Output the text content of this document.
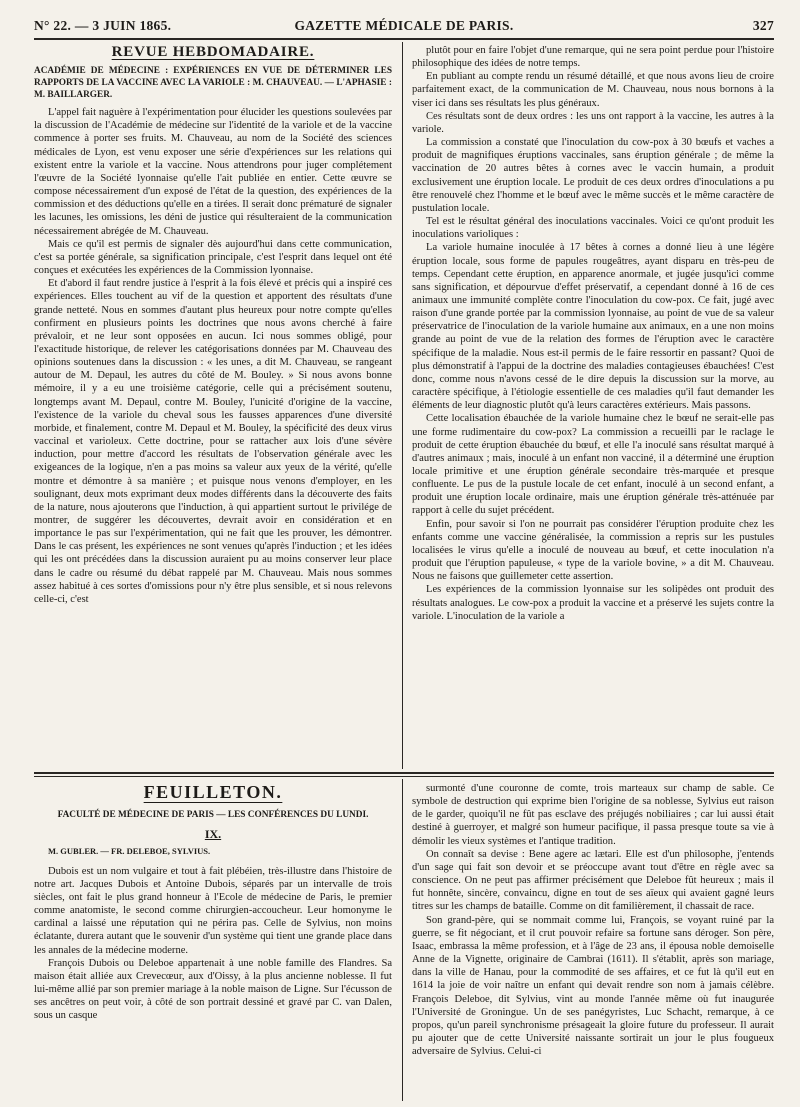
N° 22. — 3 JUIN 1865.	GAZETTE MÉDICALE DE PARIS.	327
REVUE HEBDOMADAIRE.
ACADÉMIE DE MÉDECINE : EXPÉRIENCES EN VUE DE DÉTERMINER LES RAPPORTS DE LA VACCINE AVEC LA VARIOLE : M. CHAUVEAU. — L'APHASIE : M. BAILLARGER.

L'appel fait naguère à l'expérimentation pour élucider les questions soulevées par la discussion de l'Académie de médecine sur l'identité de la variole et de la vaccine commence à porter ses fruits. M. Chauveau, au nom de la Société des sciences médicales de Lyon, est venu exposer une série d'expériences sur les relations qui existent entre la variole et la vaccine. Nous attendrons pour juger complétement l'œuvre de la Société lyonnaise qu'elle l'ait publiée en entier. Cette œuvre se compose nécessairement d'un exposé de l'état de la question, des expériences de la commission et des déductions qu'elle en a tirées. Il serait donc prématuré de signaler les lacunes, les omissions, les déni de justice qui résulteraient de la communication nécessairement abrégée de M. Chauveau.

Mais ce qu'il est permis de signaler dès aujourd'hui dans cette communication, c'est sa portée générale, sa signification principale, c'est l'esprit dans lequel ont été conçues et exécutées les expériences de la Commission lyonnaise.

Et d'abord il faut rendre justice à l'esprit à la fois élevé et précis qui a inspiré ces expériences. Elles touchent au vif de la question et apportent des résultats d'une grande netteté. Nous en sommes d'autant plus heureux pour notre compte qu'elles confirment en plusieurs points les doctrines que nous avons cherché à faire prévaloir, et ne leur sont opposées en aucun. Ici nous sommes obligé, pour l'exactitude historique, de relever les catégorisations données par M. Chauveau des opinions soutenues dans la discussion : « les unes, a dit M. Chauveau, se rangeant autour de M. Depaul, les autres du côté de M. Bouley. » Si nous avons bonne mémoire, il y a eu une troisième catégorie, celle qui a précisément soutenu, longtemps avant M. Depaul, contre M. Bouley, l'unicité d'origine de la vaccine, l'existence de la variole du cheval sous les fausses apparences d'une diversité morbide, et finalement, contre M. Depaul et M. Bouley, la spécificité des deux virus vaccinal et varioleux. Cette doctrine, pour se rattacher aux lois d'une sévère induction, pour mettre d'accord les résultats de l'observation générale avec les exigeances de la logique, n'en a pas moins sa valeur aux yeux de la vérité, qu'elle montre et démontre à sa manière ; et puisque nous venons d'employer, en les soulignant, deux mots exprimant deux modes différents dans la découverte des faits de la nature, nous ajouterons que l'induction, à qui appartient surtout le privilége de montrer, de suggérer les découvertes, devrait avoir en considération et en importance le pas sur l'expérimentation, qui ne fait que les prouver, les démontrer. Dans le cas présent, les expériences ne sont venues qu'après l'induction ; et les idées qui les ont précédées dans la discussion auraient pu au moins conserver leur place dans le cadre ou résumé du débat rappelé par M. Chauveau. Mais nous sommes assez habitué à ces sortes d'omissions pour n'y être plus sensible, et si nous relevons celle-ci, c'est

plutôt pour en faire l'objet d'une remarque, qui ne sera point perdue pour l'histoire philosophique des idées de notre temps.

En publiant au compte rendu un résumé détaillé, et que nous avons lieu de croire parfaitement exact, de la communication de M. Chauveau, nous nous bornons à la viser ici dans ses résultats les plus généraux.

Ces résultats sont de deux ordres : les uns ont rapport à la vaccine, les autres à la variole.

La commission a constaté que l'inoculation du cow-pox à 30 bœufs et vaches a produit de magnifiques éruptions vaccinales, sans éruption générale ; de même la vaccination de 20 autres bêtes à cornes avec le vaccin humain, a produit exclusivement une éruption locale. Le produit de ces deux ordres d'inoculations a pu être renouvelé chez l'homme et le bœuf avec le même succès et le même caractère de pustulation locale.

Tel est le résultat général des inoculations vaccinales. Voici ce qu'ont produit les inoculations varioliques :

La variole humaine inoculée à 17 bêtes à cornes a donné lieu à une légère éruption locale, sous forme de papules rougeâtres, ayant disparu en très-peu de temps. Cependant cette éruption, en apparence anormale, et jugée jusqu'ici comme sans signification, et dépourvue d'effet préservatif, a cependant donné à 16 de ces animaux une immunité complète contre l'inoculation du cow-pox. Ce fait, jugé avec raison d'une grande portée par la commission lyonnaise, au point de vue de sa valeur préservatrice de l'inoculation de la variole humaine aux animaux, en a une non moins grande au point de vue de la relation des formes de l'éruption avec le caractère spécifique de la maladie. Nous est-il permis de le faire ressortir en passant? Quoi de plus démonstratif à l'appui de la doctrine des maladies contagieuses ébauchées! C'est donc, comme nous n'avons cessé de le dire depuis la discussion sur la morve, au caractère spécifique, à l'étiologie essentielle de ces maladies qu'il faut demander les éléments de leur diagnostic plutôt qu'à leurs caractères extérieurs. Mais passons.

Cette localisation ébauchée de la variole humaine chez le bœuf ne serait-elle pas une forme rudimentaire du cow-pox? La commission a recueilli par le raclage le produit de cette éruption ébauchée du bœuf, et elle l'a inoculé sans résultat marqué à d'autres animaux ; mais, inoculé à un enfant non vacciné, il a déterminé une éruption locale primitive et une éruption générale secondaire très-marquée et presque confluente. Le pus de la pustule locale de cet enfant, inoculé à un second enfant, a produit une éruption locale ordinaire, mais une éruption générale très-atténuée par rapport à celle du sujet précédent.

Enfin, pour savoir si l'on ne pourrait pas considérer l'éruption produite chez les enfants comme une vaccine généralisée, la commission a repris sur les pustules localisées le virus qu'elle a inoculé de nouveau au bœuf, et cette inoculation n'a produit que l'éruption papuleuse, « type de la variole bovine, » a dit M. Chauveau. Nous ne faisons que guillemeter cette assertion.

Les expériences de la commission lyonnaise sur les solipèdes ont produit des résultats analogues. Le cow-pox a produit la vaccine et a préservé les sujets contre la variole. L'inoculation de la variole a

FEUILLETON.
FACULTÉ DE MÉDECINE DE PARIS — LES CONFÉRENCES DU LUNDI.
IX.
M. GUBLER. — FR. DELEBOE, SYLVIUS.

Dubois est un nom vulgaire et tout à fait plébéien, très-illustre dans l'histoire de notre art. Jacques Dubois et Antoine Dubois, séparés par un intervalle de trois siècles, ont fait le plus grand honneur à l'Ecole de médecine de Paris, le premier comme anatomiste, le second comme chirurgien-accoucheur. Leur homonyme le cardinal a laissé une réputation qui ne périra pas. Celle de Sylvius, non moins éclatante, durera autant que le souvenir d'un système qui tient une grande place dans les annales de la médecine moderne.

François Dubois ou Deleboe appartenait à une noble famille des Flandres. Sa maison était alliée aux Crevecœur, aux d'Oissy, à la plus ancienne noblesse. Il fut lui-même allié par son premier mariage à la noble maison de Ligne. Sur l'écusson de ses ancêtres on peut voir, à côté de son portrait dessiné et gravé par C. van Dalen, sous un casque

surmonté d'une couronne de comte, trois marteaux sur champ de sable. Ce symbole de destruction qui exprime bien l'origine de sa noblesse, Sylvius eut raison de le garder, quoiqu'il ne fût pas esclave des préjugés nobiliaires ; car lui aussi était destiné à guerroyer, et malgré son humeur pacifique, il passa presque toute sa vie à démolir les vieux systèmes et l'antique tradition.

On connaît sa devise : Bene agere ac lætari. Elle est d'un philosophe, j'entends d'un sage qui fait son devoir et se préoccupe avant tout d'être en règle avec sa conscience. On ne peut pas affirmer précisément que Deleboe fût heureux ; mais il fut honnête, sincère, convaincu, digne en tout de ses aïeux qui avaient gagné leurs titres sur les champs de bataille. Comme on dit familièrement, il chassait de race.

Son grand-père, qui se nommait comme lui, François, se voyant ruiné par la guerre, se fit négociant, et il crut pouvoir refaire sa fortune sans déroger. Son père, Isaac, embrassa la même profession, et à l'âge de 23 ans, il épousa noble demoiselle Anne de la Vignette, originaire de Cambrai (1611). Il s'établit, après son mariage, dans la ville de Hanau, pour la commodité de ses affaires, et ce fut là qu'il eut en 1614 la joie de voir naître un enfant qui devait rendre son nom à jamais célèbre. François Deleboe, dit Sylvius, vint au monde l'année même où fut inaugurée l'Université de Groningue. Un de ses panégyristes, Luc Schacht, remarque, à ce propos, qu'un pareil synchronisme présageait la gloire future du professeur. Il aurait pu ajouter que de cette Université naissante sortirait un jour le plus fougueux adversaire de Sylvius. Celui-ci
